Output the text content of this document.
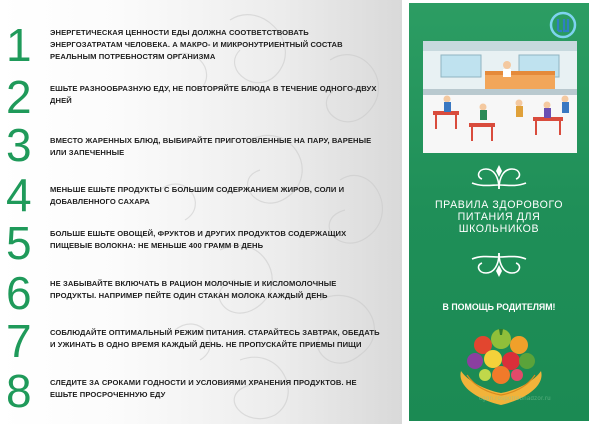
1 ЭНЕРГЕТИЧЕСКАЯ ЦЕННОСТИ ЕДЫ ДОЛЖНА СООТВЕТСТВОВАТЬ ЭНЕРГОЗАТРАТАМ ЧЕЛОВЕКА. А МАКРО- И МИКРОНУТРИЕНТНЫЙ СОСТАВ РЕАЛЬНЫМ ПОТРЕБНОСТЯМ ОРГАНИЗМА
2 ЕШЬТЕ РАЗНООБРАЗНУЮ ЕДУ, НЕ ПОВТОРЯЙТЕ БЛЮДА В ТЕЧЕНИЕ ОДНОГО-ДВУХ ДНЕЙ
3 ВМЕСТО ЖАРЕННЫХ БЛЮД, ВЫБИРАЙТЕ ПРИГОТОВЛЕННЫЕ НА ПАРУ, ВАРЕНЫЕ ИЛИ ЗАПЕЧЕННЫЕ
4 МЕНЬШЕ ЕШЬТЕ ПРОДУКТЫ С БОЛЬШИМ СОДЕРЖАНИЕМ ЖИРОВ, СОЛИ И ДОБАВЛЕННОГО САХАРА
5 БОЛЬШЕ ЕШЬТЕ ОВОЩЕЙ, ФРУКТОВ И ДРУГИХ ПРОДУКТОВ СОДЕРЖАЩИХ ПИЩЕВЫЕ ВОЛОКНА: НЕ МЕНЬШЕ 400 ГРАММ В ДЕНЬ
6 НЕ ЗАБЫВАЙТЕ ВКЛЮЧАТЬ В РАЦИОН МОЛОЧНЫЕ И КИСЛОМОЛОЧНЫЕ ПРОДУКТЫ. НАПРИМЕР ПЕЙТЕ ОДИН СТАКАН МОЛОКА КАЖДЫЙ ДЕНЬ
7 СОБЛЮДАЙТЕ ОПТИМАЛЬНЫЙ РЕЖИМ ПИТАНИЯ. СТАРАЙТЕСЬ ЗАВТРАК, ОБЕДАТЬ И УЖИНАТЬ В ОДНО ВРЕМЯ КАЖДЫЙ ДЕНЬ. НЕ ПРОПУСКАЙТЕ ПРИЕМЫ ПИЩИ
8 СЛЕДИТЕ ЗА СРОКАМИ ГОДНОСТИ И УСЛОВИЯМИ ХРАНЕНИЯ ПРОДУКТОВ. НЕ ЕШЬТЕ ПРОСРОЧЕННУЮ ЕДУ
ПРАВИЛА ЗДОРОВОГО ПИТАНИЯ ДЛЯ ШКОЛЬНИКОВ
В ПОМОЩЬ РОДИТЕЛЯМ!
cgon.rospotrebnadzor.ru
